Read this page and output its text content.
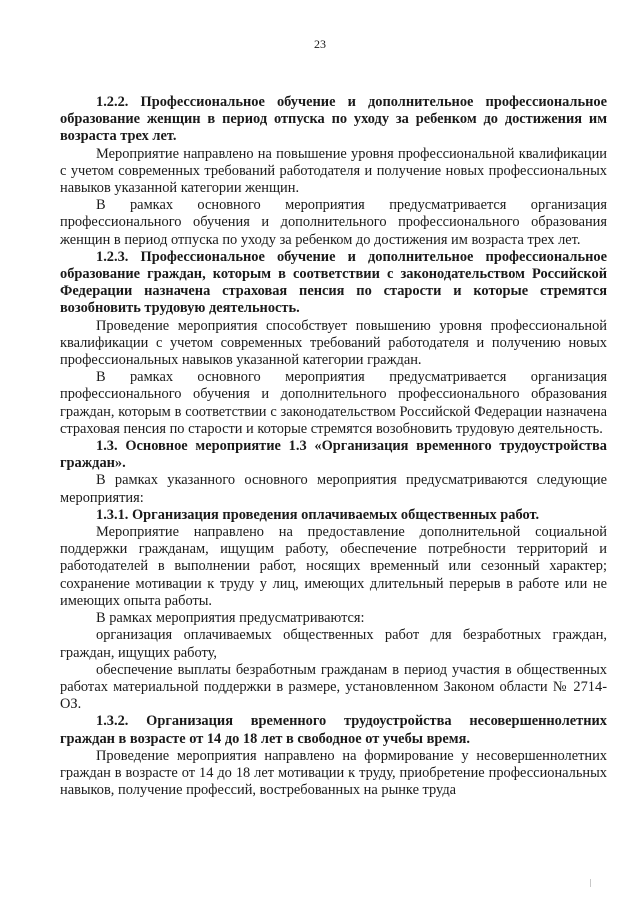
23

1.2.2. Профессиональное обучение и дополнительное профессиональное образование женщин в период отпуска по уходу за ребенком до достижения им возраста трех лет.

Мероприятие направлено на повышение уровня профессиональной квалификации с учетом современных требований работодателя и получение новых профессиональных навыков указанной категории женщин.

В рамках основного мероприятия предусматривается организация профессионального обучения и дополнительного профессионального образования женщин в период отпуска по уходу за ребенком до достижения им возраста трех лет.

1.2.3. Профессиональное обучение и дополнительное профессиональное образование граждан, которым в соответствии с законодательством Российской Федерации назначена страховая пенсия по старости и которые стремятся возобновить трудовую деятельность.

Проведение мероприятия способствует повышению уровня профессиональной квалификации с учетом современных требований работодателя и получению новых профессиональных навыков указанной категории граждан.

В рамках основного мероприятия предусматривается организация профессионального обучения и дополнительного профессионального образования граждан, которым в соответствии с законодательством Российской Федерации назначена страховая пенсия по старости и которые стремятся возобновить трудовую деятельность.

1.3. Основное мероприятие 1.3 «Организация временного трудоустройства граждан».

В рамках указанного основного мероприятия предусматриваются следующие мероприятия:

1.3.1. Организация проведения оплачиваемых общественных работ.

Мероприятие направлено на предоставление дополнительной социальной поддержки гражданам, ищущим работу, обеспечение потребности территорий и работодателей в выполнении работ, носящих временный или сезонный характер; сохранение мотивации к труду у лиц, имеющих длительный перерыв в работе или не имеющих опыта работы.

В рамках мероприятия предусматриваются:

организация оплачиваемых общественных работ для безработных граждан, граждан, ищущих работу,

обеспечение выплаты безработным гражданам в период участия в общественных работах материальной поддержки в размере, установленном Законом области № 2714-ОЗ.

1.3.2. Организация временного трудоустройства несовершеннолетних граждан в возрасте от 14 до 18 лет в свободное от учебы время.

Проведение мероприятия направлено на формирование у несовершеннолетних граждан в возрасте от 14 до 18 лет мотивации к труду, приобретение профессиональных навыков, получение профессий, востребованных на рынке труда
